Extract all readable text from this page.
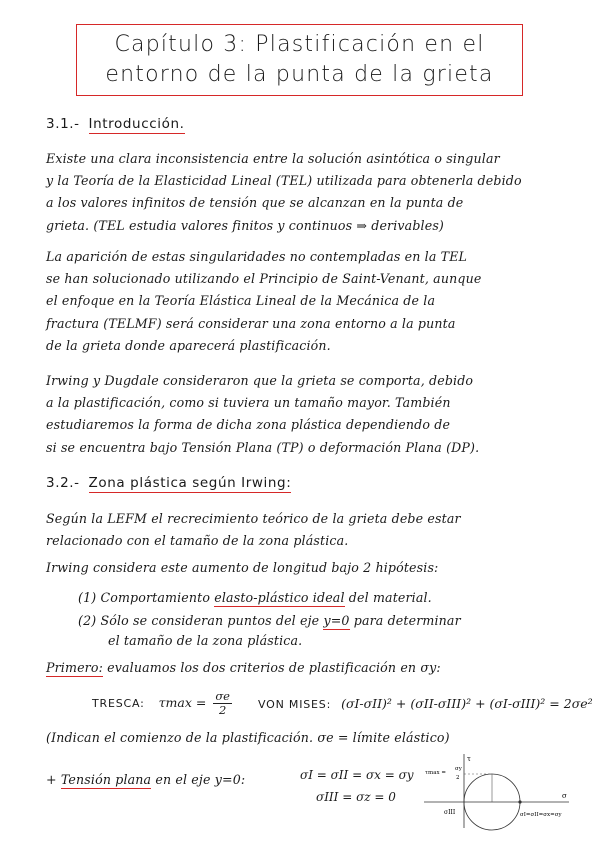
Capítulo 3: Plastificación en el
entorno de la punta de la grieta
3.1.- Introducción.
Existe una clara inconsistencia entre la solución asintótica o singular
y la Teoría de la Elasticidad Lineal (TEL) utilizada para obtenerla debido
a los valores infinitos de tensión que se alcanzan en la punta de
grieta. (TEL estudia valores finitos y continuos ⇒ derivables)
La aparición de estas singularidades no contempladas en la TEL
se han solucionado utilizando el Principio de Saint-Venant, aunque
el enfoque en la Teoría Elástica Lineal de la Mecánica de la
fractura (TELMF) será considerar una zona entorno a la punta
de la grieta donde aparecerá plastificación.
Irwing y Dugdale consideraron que la grieta se comporta, debido
a la plastificación, como si tuviera un tamaño mayor. También
estudiaremos la forma de dicha zona plástica dependiendo de
si se encuentra bajo Tensión Plana (TP) o deformación Plana (DP).
3.2.- Zona plástica según Irwing:
Según la LEFM el recrecimiento teórico de la grieta debe estar
relacionado con el tamaño de la zona plástica.
Irwing considera este aumento de longitud bajo 2 hipótesis:
(1) Comportamiento elasto-plástico ideal del material.
(2) Sólo se consideran puntos del eje y=0 para determinar
el tamaño de la zona plástica.
Primero: evaluamos los dos criterios de plastificación en σy:
TRESCA: $\tau\max = \frac{\sigma e}{2}$ VON MISES: (σI-σII)² + (σII-σIII)² + (σI-σIII)² = 2σe²
(Indican el comienzo de la plastificación. σe = límite elástico)
+ Tensión plana en el eje y=0:	σI = σII = σx = σy
σIII = σz = 0
τ
τmax =
σy
2
σ
σIII	σI=σII=σx=σy
